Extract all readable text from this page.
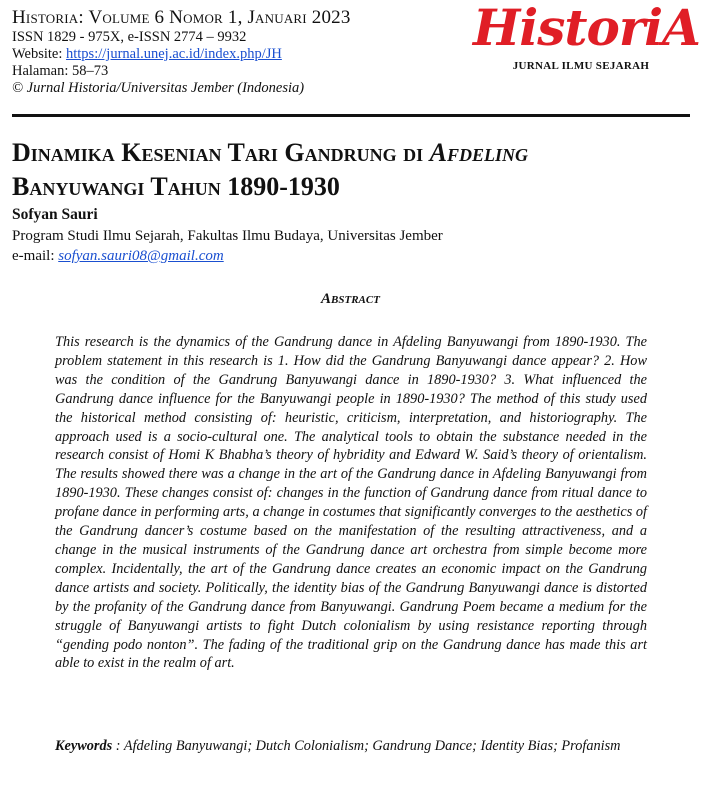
Historia: Volume 6 Nomor 1, Januari 2023

ISSN 1829 - 975X, e-ISSN 2774 – 9932

Website: https://jurnal.unej.ac.id/index.php/JH

Halaman: 58–73

© Jurnal Historia/Universitas Jember (Indonesia)

HistoriA
JURNAL ILMU SEJARAH
Dinamika Kesenian Tari Gandrung di Afdeling
Banyuwangi Tahun 1890-1930

Sofyan Sauri

Program Studi Ilmu Sejarah, Fakultas Ilmu Budaya, Universitas Jember

e-mail: sofyan.sauri08@gmail.com

Abstract

This research is the dynamics of the Gandrung dance in Afdeling Banyuwangi from 1890-1930. The problem statement in this research is 1. How did the Gandrung Banyuwangi dance appear? 2. How was the condition of the Gandrung Banyuwangi dance in 1890-1930? 3. What influenced the Gandrung dance influence for the Banyuwangi people in 1890-1930? The method of this study used the historical method consisting of: heuristic, criticism, interpretation, and historiography. The approach used is a socio-cultural one. The analytical tools to obtain the substance needed in the research consist of Homi K Bhabha’s theory of hybridity and Edward W. Said’s theory of orientalism. The results showed there was a change in the art of the Gandrung dance in Afdeling Banyuwangi from 1890-1930. These changes consist of: changes in the function of Gandrung dance from ritual dance to profane dance in performing arts, a change in costumes that significantly converges to the aesthetics of the Gandrung dancer’s costume based on the manifestation of the resulting attractiveness, and a change in the musical instruments of the Gandrung dance art orchestra from simple become more complex. Incidentally, the art of the Gandrung dance creates an economic impact on the Gandrung dance artists and society. Politically, the identity bias of the Gandrung Banyuwangi dance is distorted by the profanity of the Gandrung dance from Banyuwangi. Gandrung Poem became a medium for the struggle of Banyuwangi artists to fight Dutch colonialism by using resistance reporting through “gending podo nonton”. The fading of the traditional grip on the Gandrung dance has made this art able to exist in the realm of art.

Keywords : Afdeling Banyuwangi; Dutch Colonialism; Gandrung Dance; Identity Bias; Profanism
